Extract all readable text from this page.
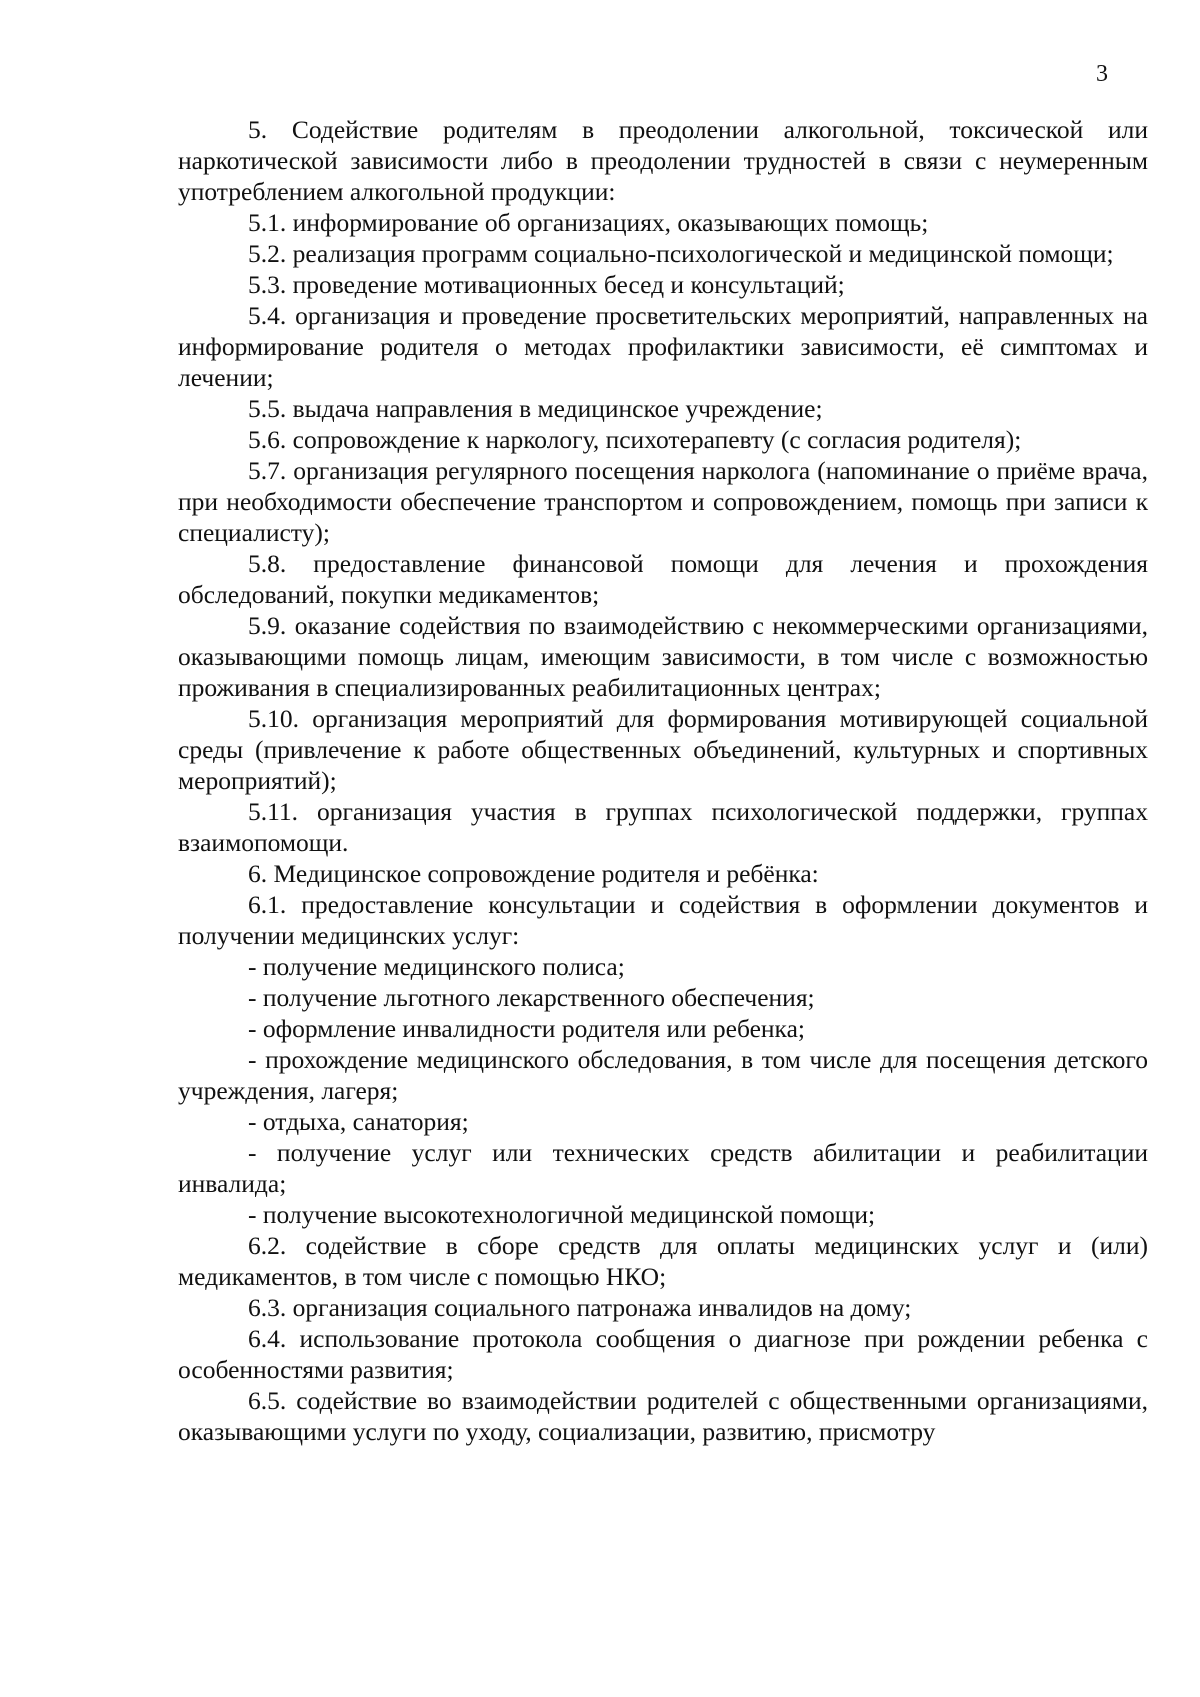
3

5. Содействие родителям в преодолении алкогольной, токсической или наркотической зависимости либо в преодолении трудностей в связи с неумеренным употреблением алкогольной продукции:

5.1. информирование об организациях, оказывающих помощь;

5.2. реализация программ социально-психологической и медицинской помощи;

5.3. проведение мотивационных бесед и консультаций;

5.4. организация и проведение просветительских мероприятий, направленных на информирование родителя о методах профилактики зависимости, её симптомах и лечении;

5.5. выдача направления в медицинское учреждение;

5.6. сопровождение к наркологу, психотерапевту (с согласия родителя);

5.7. организация регулярного посещения нарколога (напоминание о приёме врача, при необходимости обеспечение транспортом и сопровождением, помощь при записи к специалисту);

5.8. предоставление финансовой помощи для лечения и прохождения обследований, покупки медикаментов;

5.9. оказание содействия по взаимодействию с некоммерческими организациями, оказывающими помощь лицам, имеющим зависимости, в том числе с возможностью проживания в специализированных реабилитационных центрах;

5.10. организация мероприятий для формирования мотивирующей социальной среды (привлечение к работе общественных объединений, культурных и спортивных мероприятий);

5.11. организация участия в группах психологической поддержки, группах взаимопомощи.

6. Медицинское сопровождение родителя и ребёнка:

6.1. предоставление консультации и содействия в оформлении документов и получении медицинских услуг:

- получение медицинского полиса;

- получение льготного лекарственного обеспечения;

- оформление инвалидности родителя или ребенка;

- прохождение медицинского обследования, в том числе для посещения детского учреждения, лагеря;

- отдыха, санатория;

- получение услуг или технических средств абилитации и реабилитации инвалида;

- получение высокотехнологичной медицинской помощи;

6.2. содействие в сборе средств для оплаты медицинских услуг и (или) медикаментов, в том числе с помощью НКО;

6.3. организация социального патронажа инвалидов на дому;

6.4. использование протокола сообщения о диагнозе при рождении ребенка с особенностями развития;

6.5. содействие во взаимодействии родителей с общественными организациями, оказывающими услуги по уходу, социализации, развитию, присмотру
